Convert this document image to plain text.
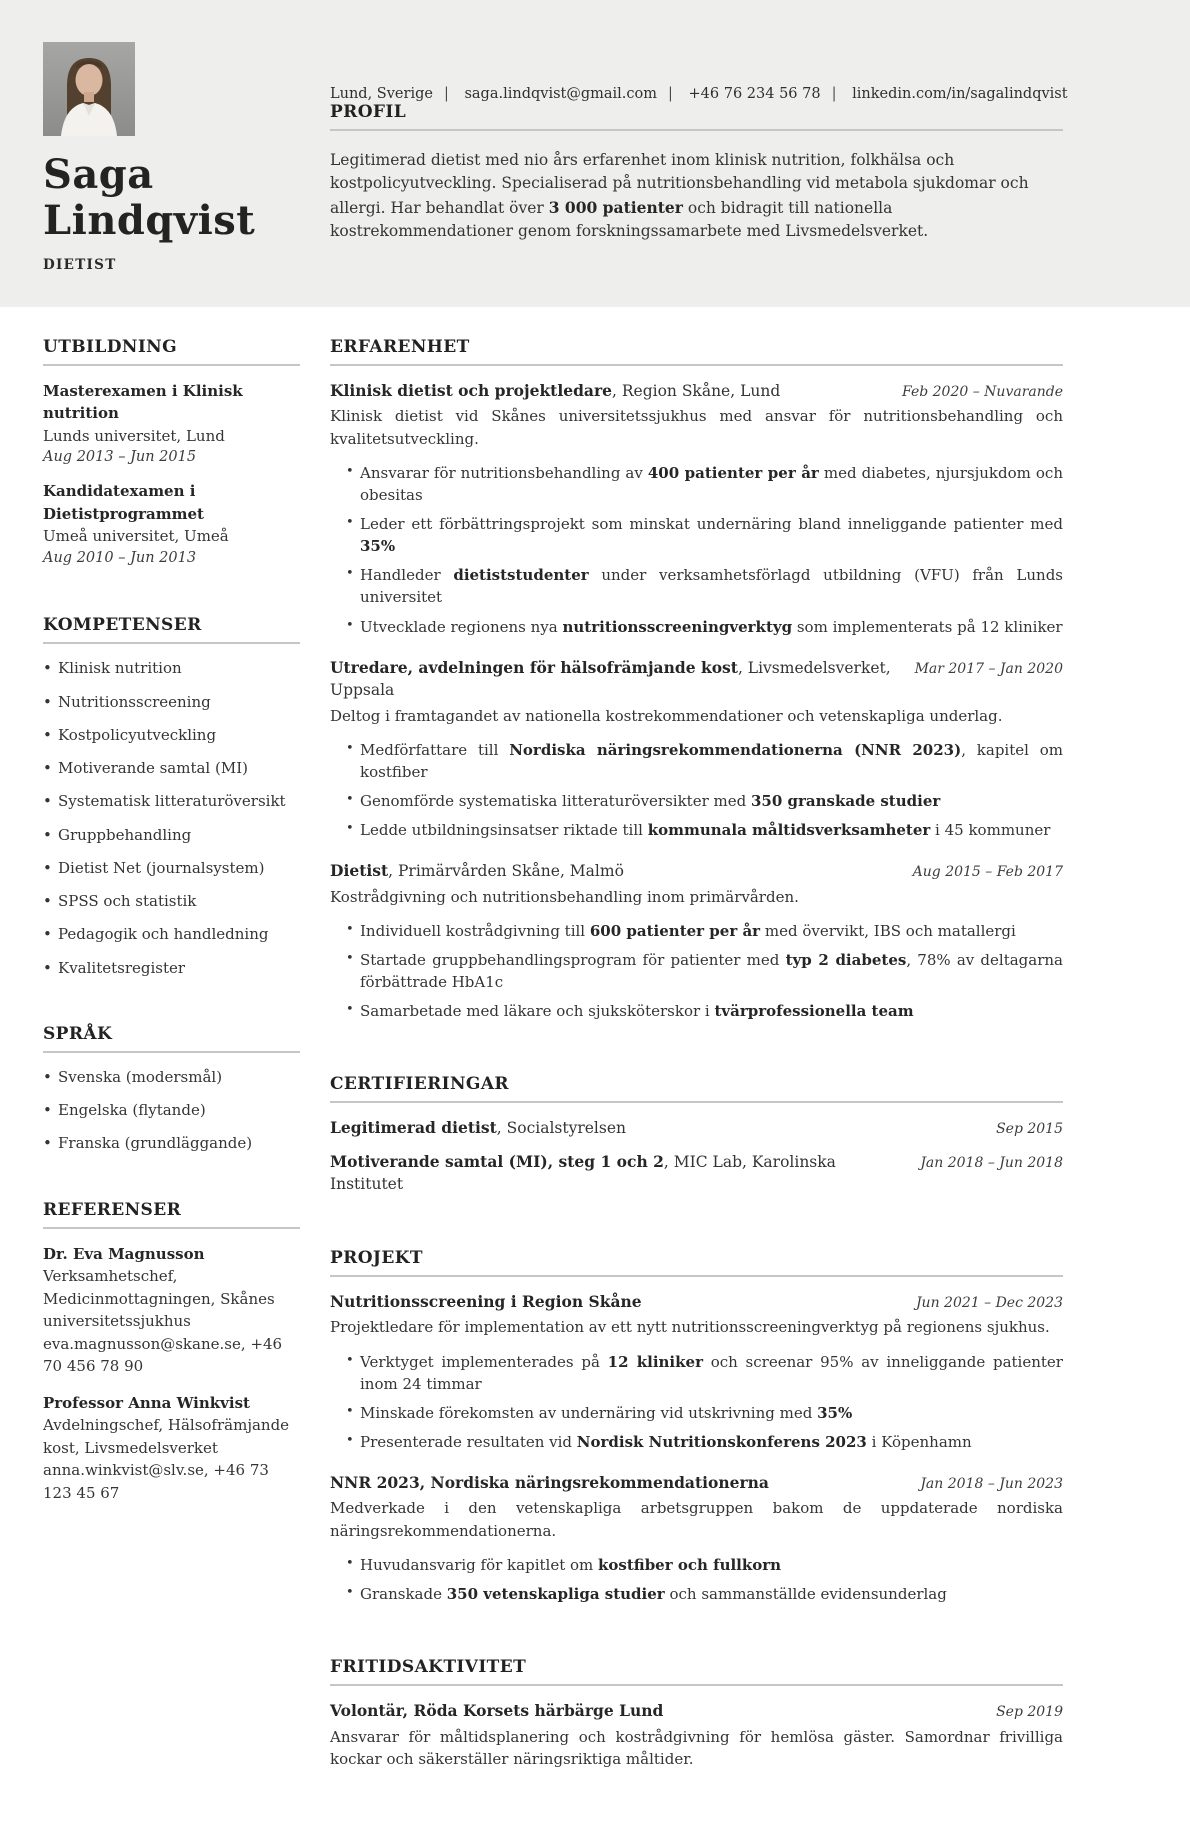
Saga Lindqvist
DIETIST
Lund, Sverige | saga.lindqvist@gmail.com | +46 76 234 56 78 | linkedin.com/in/sagalindqvist
PROFIL

Legitimerad dietist med nio års erfarenhet inom klinisk nutrition, folkhälsa och kostpolicyutveckling. Specialiserad på nutritionsbehandling vid metabola sjukdomar och allergi. Har behandlat över 3 000 patienter och bidragit till nationella kostrekommendationer genom forskningssamarbete med Livsmedelsverket.

UTBILDNING
Masterexamen i Klinisk nutrition
Lunds universitet, Lund
Aug 2013 – Jun 2015
Kandidatexamen i Dietistprogrammet
Umeå universitet, Umeå
Aug 2010 – Jun 2013
KOMPETENSER
• Klinisk nutrition
• Nutritionsscreening
• Kostpolicyutveckling
• Motiverande samtal (MI)
• Systematisk litteraturöversikt
• Gruppbehandling
• Dietist Net (journalsystem)
• SPSS och statistik
• Pedagogik och handledning
• Kvalitetsregister
SPRÅK
• Svenska (modersmål)
• Engelska (flytande)
• Franska (grundläggande)
REFERENSER
Dr. Eva Magnusson
Verksamhetschef, Medicinmottagningen, Skånes universitetssjukhus
eva.magnusson@skane.se, +46 70 456 78 90
Professor Anna Winkvist
Avdelningschef, Hälsofrämjande kost, Livsmedelsverket
anna.winkvist@slv.se, +46 73 123 45 67
ERFARENHET
Klinisk dietist och projektledare, Region Skåne, Lund	Feb 2020 – Nuvarande

Klinisk dietist vid Skånes universitetssjukhus med ansvar för nutritionsbehandling och kvalitetsutveckling.

• Ansvarar för nutritionsbehandling av 400 patienter per år med diabetes, njursjukdom och obesitas
• Leder ett förbättringsprojekt som minskat undernäring bland inneliggande patienter med 35%
• Handleder dietiststudenter under verksamhetsförlagd utbildning (VFU) från Lunds universitet
• Utvecklade regionens nya nutritionsscreeningverktyg som implementerats på 12 kliniker
Utredare, avdelningen för hälsofrämjande kost, Livsmedelsverket, Uppsala
Mar 2017 – Jan 2020

Deltog i framtagandet av nationella kostrekommendationer och vetenskapliga underlag.

• Medförfattare till Nordiska näringsrekommendationerna (NNR 2023), kapitel om kostfiber
• Genomförde systematiska litteraturöversikter med 350 granskade studier
• Ledde utbildningsinsatser riktade till kommunala måltidsverksamheter i 45 kommuner
Dietist, Primärvården Skåne, Malmö	Aug 2015 – Feb 2017

Kostrådgivning och nutritionsbehandling inom primärvården.

• Individuell kostrådgivning till 600 patienter per år med övervikt, IBS och matallergi
• Startade gruppbehandlingsprogram för patienter med typ 2 diabetes, 78% av deltagarna förbättrade HbA1c
• Samarbetade med läkare och sjuksköterskor i tvärprofessionella team
CERTIFIERINGAR
Legitimerad dietist, Socialstyrelsen	Sep 2015
Motiverande samtal (MI), steg 1 och 2, MIC Lab, Karolinska Institutet
Jan 2018 – Jun 2018
PROJEKT
Nutritionsscreening i Region Skåne	Jun 2021 – Dec 2023

Projektledare för implementation av ett nytt nutritionsscreeningverktyg på regionens sjukhus.

• Verktyget implementerades på 12 kliniker och screenar 95% av inneliggande patienter inom 24 timmar
• Minskade förekomsten av undernäring vid utskrivning med 35%
• Presenterade resultaten vid Nordisk Nutritionskonferens 2023 i Köpenhamn
NNR 2023, Nordiska näringsrekommendationerna	Jan 2018 – Jun 2023

Medverkade i den vetenskapliga arbetsgruppen bakom de uppdaterade nordiska näringsrekommendationerna.

• Huvudansvarig för kapitlet om kostfiber och fullkorn
• Granskade 350 vetenskapliga studier och sammanställde evidensunderlag
FRITIDSAKTIVITET
Volontär, Röda Korsets härbärge Lund	Sep 2019

Ansvarar för måltidsplanering och kostrådgivning för hemlösa gäster. Samordnar frivilliga kockar och säkerställer näringsriktiga måltider.
